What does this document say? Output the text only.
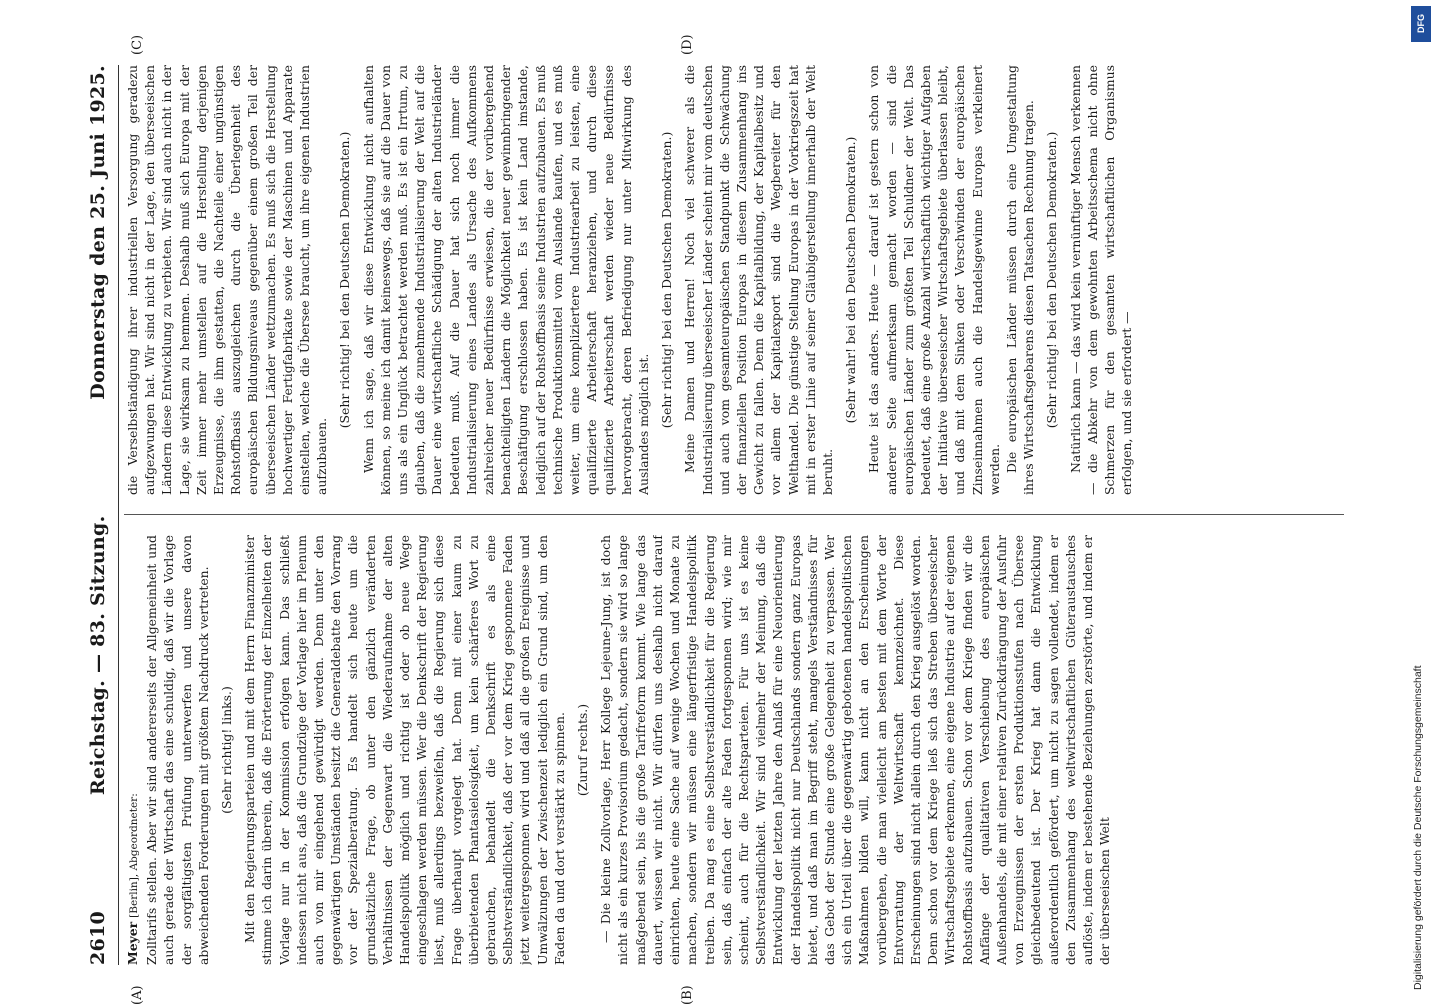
2610
Reichstag. — 83. Sitzung.
Donnerstag den 25. Juni 1925.
(A)	(B)
(C)	(D)

Meyer [Berlin], Abgeordneter: Zolltarifs stellen. Aber wir sind andererseits der Allgemeinheit und auch gerade der Wirtschaft das eine schuldig, daß wir die Vorlage der sorgfältigsten Prüfung unterwerfen und unsere davon abweichenden Forderungen mit größtem Nachdruck vertreten. (Sehr richtig! links.) Mit den Regierungsparteien und mit dem Herrn Finanzminister stimme ich darin überein, daß die Erörterung der Einzelheiten der Vorlage nur in der Kommission erfolgen kann. Das schließt indessen nicht aus, daß die Grundzüge der Vorlage hier im Plenum auch von mir eingehend gewürdigt werden. Denn unter den gegenwärtigen Umständen besitzt die Generaldebatte den Vorrang vor der Spezialberatung. Es handelt sich heute um die grundsätzliche Frage, ob unter den gänzlich veränderten Verhältnissen der Gegenwart die Wiederaufnahme der alten Handelspolitik möglich und richtig ist oder ob neue Wege eingeschlagen werden müssen. Wer die Denkschrift der Regierung liest, muß allerdings bezweifeln, daß die Regierung sich diese Frage überhaupt vorgelegt hat. Denn mit einer kaum zu überbietenden Phantasielosigkeit, um kein schärferes Wort zu gebrauchen, behandelt die Denkschrift es als eine Selbstverständlichkeit, daß der vor dem Krieg gesponnene Faden jetzt weitergesponnen wird und daß all die großen Ereignisse und Umwälzungen der Zwischenzeit lediglich ein Grund sind, um den Faden da und dort verstärkt zu spinnen. (Zuruf rechts.) — Die kleine Zollvorlage, Herr Kollege Lejeune-Jung, ist doch nicht als ein kurzes Provisorium gedacht, sondern sie wird so lange maßgebend sein, bis die große Tarifreform kommt. Wie lange das dauert, wissen wir nicht. Wir dürfen uns deshalb nicht darauf einrichten, heute eine Sache auf wenige Wochen und Monate zu machen, sondern wir müssen eine längerfristige Handelspolitik treiben. Da mag es eine Selbstverständlichkeit für die Regierung sein, daß einfach der alte Faden fortgesponnen wird; wie mir scheint, auch für die Rechtsparteien. Für uns ist es keine Selbstverständlichkeit. Wir sind vielmehr der Meinung, daß die Entwicklung der letzten Jahre den Anlaß für eine Neuorientierung der Handelspolitik nicht nur Deutschlands sondern ganz Europas bietet, und daß man im Begriff steht, mangels Verständnisses für das Gebot der Stunde eine große Gelegenheit zu verpassen. Wer sich ein Urteil über die gegenwärtig gebotenen handelspolitischen Maßnahmen bilden will, kann nicht an den Erscheinungen vorübergehen, die man vielleicht am besten mit dem Worte der Entvorratung der Weltwirtschaft kennzeichnet. Diese Erscheinungen sind nicht allein durch den Krieg ausgelöst worden. Denn schon vor dem Kriege ließ sich das Streben überseeischer Wirtschaftsgebiete erkennen, eine eigene Industrie auf der eigenen Rohstoffbasis aufzubauen. Schon vor dem Kriege finden wir die Anfänge der qualitativen Verschiebung des europäischen Außenhandels, die mit einer relativen Zurückdrängung der Ausfuhr von Erzeugnissen der ersten Produktionsstufen nach Übersee gleichbedeutend ist. Der Krieg hat dann die Entwicklung außerordentlich gefördert, um nicht zu sagen vollendet, indem er den Zusammenhang des weltwirtschaftlichen Güteraustausches auflöste, indem er bestehende Beziehungen zerstörte, und indem er der überseeischen Welt

die Verselbständigung ihrer industriellen Versorgung geradezu aufgezwungen hat. Wir sind nicht in der Lage, den überseeischen Ländern diese Entwicklung zu verbieten. Wir sind auch nicht in der Lage, sie wirksam zu hemmen. Deshalb muß sich Europa mit der Zeit immer mehr umstellen auf die Herstellung derjenigen Erzeugnisse, die ihm gestatten, die Nachteile einer ungünstigen Rohstoffbasis auszugleichen durch die Überlegenheit des europäischen Bildungsniveaus gegenüber einem großen Teil der überseeischen Länder wettzumachen. Es muß sich die Herstellung hochwertiger Fertigfabrikate sowie der Maschinen und Apparate einstellen, welche die Übersee braucht, um ihre eigenen Industrien aufzubauen.

(Sehr richtig! bei den Deutschen Demokraten.) Wenn ich sage, daß wir diese Entwicklung nicht aufhalten können, so meine ich damit keineswegs, daß sie auf die Dauer von uns als ein Unglück betrachtet werden muß. Es ist ein Irrtum, zu glauben, daß die zunehmende Industrialisierung der Welt auf die Dauer eine wirtschaftliche Schädigung der alten Industrieländer bedeuten muß. Auf die Dauer hat sich noch immer die Industrialisierung eines Landes als Ursache des Aufkommens zahlreicher neuer Bedürfnisse erwiesen, die der vorübergehend benachteiligten Ländern die Möglichkeit neuer gewinnbringender Beschäftigung erschlossen haben. Es ist kein Land imstande, lediglich auf der Rohstoffbasis seine Industrien aufzubauen. Es muß technische Produktionsmittel vom Auslande kaufen, und es muß weiter, um eine kompliziertere Industriearbeit zu leisten, eine qualifizierte Arbeiterschaft heranziehen, und durch diese qualifizierte Arbeiterschaft werden wieder neue Bedürfnisse hervorgebracht, deren Befriedigung nur unter Mitwirkung des Auslandes möglich ist. (Sehr richtig! bei den Deutschen Demokraten.) Meine Damen und Herren! Noch viel schwerer als die Industrialisierung überseeischer Länder scheint mir vom deutschen und auch vom gesamteuropäischen Standpunkt die Schwächung der finanziellen Position Europas in diesem Zusammenhang ins Gewicht zu fallen. Denn die Kapitalbildung, der Kapitalbesitz und vor allem der Kapitalexport sind die Wegbereiter für den Welthandel. Die günstige Stellung Europas in der Vorkriegszeit hat mit in erster Linie auf seiner Gläubigerstellung innerhalb der Welt beruht.

(Sehr wahr! bei den Deutschen Demokraten.) Heute ist das anders. Heute — darauf ist gestern schon von anderer Seite aufmerksam gemacht worden — sind die europäischen Länder zum größten Teil Schuldner der Welt. Das bedeutet, daß eine große Anzahl wirtschaftlich wichtiger Aufgaben der Initiative überseeischer Wirtschaftsgebiete überlassen bleibt, und daß mit dem Sinken oder Verschwinden der europäischen Zinseinnahmen auch die Handelsgewinne Europas verkleinert werden. Die europäischen Länder müssen durch eine Umgestaltung ihres Wirtschaftsgebarens diesen Tatsachen Rechnung tragen. (Sehr richtig! bei den Deutschen Demokraten.) Natürlich kann — das wird kein vernünftiger Mensch verkennen — die Abkehr von dem gewohnten Arbeitsschema nicht ohne Schmerzen für den gesamten wirtschaftlichen Organismus erfolgen, und sie erfordert —

DFG
Digitalisierung gefördert durch die Deutsche Forschungsgemeinschaft
